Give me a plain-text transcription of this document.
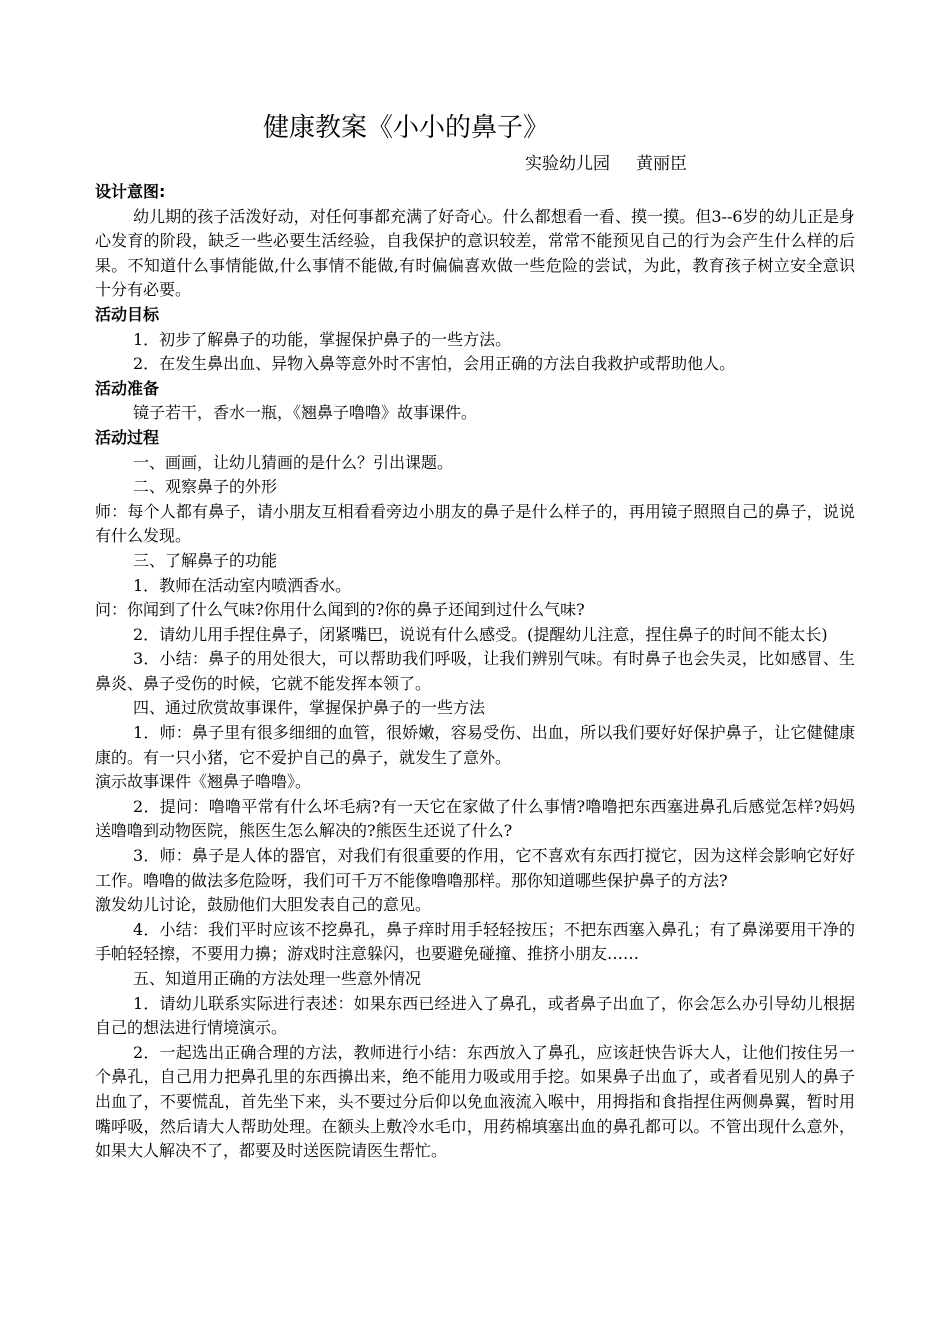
健康教案《小小的鼻子》
实验幼儿园 黄丽臣
设计意图:

幼儿期的孩子活泼好动，对任何事都充满了好奇心。什么都想看一看、摸一摸。但3--6岁的幼儿正是身心发育的阶段，缺乏一些必要生活经验，自我保护的意识较差，常常不能预见自己的行为会产生什么样的后果。不知道什么事情能做,什么事情不能做,有时偏偏喜欢做一些危险的尝试，为此，教育孩子树立安全意识十分有必要。

活动目标

1．初步了解鼻子的功能，掌握保护鼻子的一些方法。

2．在发生鼻出血、异物入鼻等意外时不害怕，会用正确的方法自我救护或帮助他人。

活动准备

镜子若干，香水一瓶，《翘鼻子噜噜》故事课件。

活动过程

一、画画，让幼儿猜画的是什么？引出课题。

二、观察鼻子的外形

师：每个人都有鼻子，请小朋友互相看看旁边小朋友的鼻子是什么样子的，再用镜子照照自己的鼻子，说说有什么发现。

三、了解鼻子的功能

1．教师在活动室内喷洒香水。

问：你闻到了什么气味?你用什么闻到的?你的鼻子还闻到过什么气味?

2．请幼儿用手捏住鼻子，闭紧嘴巴，说说有什么感受。(提醒幼儿注意，捏住鼻子的时间不能太长)

3．小结：鼻子的用处很大，可以帮助我们呼吸，让我们辨别气味。有时鼻子也会失灵，比如感冒、生鼻炎、鼻子受伤的时候，它就不能发挥本领了。

四、通过欣赏故事课件，掌握保护鼻子的一些方法

1．师：鼻子里有很多细细的血管，很娇嫩，容易受伤、出血，所以我们要好好保护鼻子，让它健健康康的。有一只小猪，它不爱护自己的鼻子，就发生了意外。

演示故事课件《翘鼻子噜噜》。

2．提问：噜噜平常有什么坏毛病?有一天它在家做了什么事情?噜噜把东西塞进鼻孔后感觉怎样?妈妈送噜噜到动物医院，熊医生怎么解决的?熊医生还说了什么?

3．师：鼻子是人体的器官，对我们有很重要的作用，它不喜欢有东西打搅它，因为这样会影响它好好工作。噜噜的做法多危险呀，我们可千万不能像噜噜那样。那你知道哪些保护鼻子的方法?

激发幼儿讨论，鼓励他们大胆发表自己的意见。

4．小结：我们平时应该不挖鼻孔，鼻子痒时用手轻轻按压；不把东西塞入鼻孔；有了鼻涕要用干净的手帕轻轻擦，不要用力擤；游戏时注意躲闪，也要避免碰撞、推挤小朋友……

五、知道用正确的方法处理一些意外情况

1．请幼儿联系实际进行表述：如果东西已经进入了鼻孔，或者鼻子出血了，你会怎么办引导幼儿根据自己的想法进行情境演示。

2．一起选出正确合理的方法，教师进行小结：东西放入了鼻孔，应该赶快告诉大人，让他们按住另一个鼻孔，自己用力把鼻孔里的东西擤出来，绝不能用力吸或用手挖。如果鼻子出血了，或者看见别人的鼻子出血了，不要慌乱，首先坐下来，头不要过分后仰以免血液流入喉中，用拇指和食指捏住两侧鼻翼，暂时用嘴呼吸，然后请大人帮助处理。在额头上敷冷水毛巾，用药棉填塞出血的鼻孔都可以。不管出现什么意外，如果大人解决不了，都要及时送医院请医生帮忙。
